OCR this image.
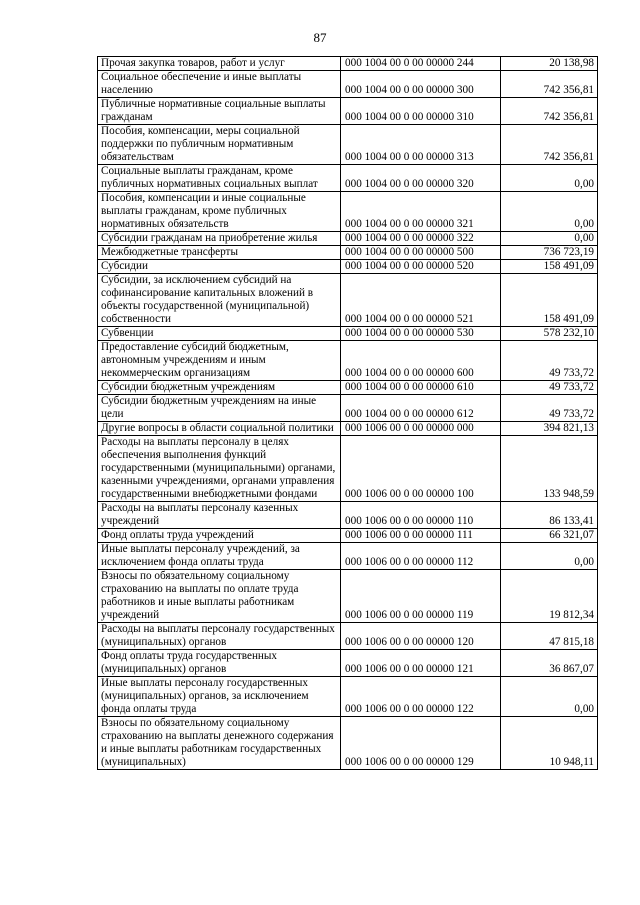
87
Прочая закупка товаров, работ и услуг	000 1004 00 0 00 00000 244	20 138,98
Социальное обеспечение и иные выплаты населению	000 1004 00 0 00 00000 300	742 356,81
Публичные нормативные социальные выплаты гражданам	000 1004 00 0 00 00000 310	742 356,81
Пособия, компенсации, меры социальной поддержки по публичным нормативным обязательствам	000 1004 00 0 00 00000 313	742 356,81
Социальные выплаты гражданам, кроме публичных нормативных социальных выплат	000 1004 00 0 00 00000 320	0,00
Пособия, компенсации и иные социальные выплаты гражданам, кроме публичных нормативных обязательств	000 1004 00 0 00 00000 321	0,00
Субсидии гражданам на приобретение жилья	000 1004 00 0 00 00000 322	0,00
Межбюджетные трансферты	000 1004 00 0 00 00000 500	736 723,19
Субсидии	000 1004 00 0 00 00000 520	158 491,09
Субсидии, за исключением субсидий на софинансирование капитальных вложений в объекты государственной (муниципальной) собственности	000 1004 00 0 00 00000 521	158 491,09
Субвенции	000 1004 00 0 00 00000 530	578 232,10
Предоставление субсидий бюджетным, автономным учреждениям и иным некоммерческим организациям	000 1004 00 0 00 00000 600	49 733,72
Субсидии бюджетным учреждениям	000 1004 00 0 00 00000 610	49 733,72
Субсидии бюджетным учреждениям на иные цели	000 1004 00 0 00 00000 612	49 733,72
Другие вопросы в области социальной политики	000 1006 00 0 00 00000 000	394 821,13
Расходы на выплаты персоналу в целях обеспечения выполнения функций государственными (муниципальными) органами, казенными учреждениями, органами управления государственными внебюджетными фондами	000 1006 00 0 00 00000 100	133 948,59
Расходы на выплаты персоналу казенных учреждений	000 1006 00 0 00 00000 110	86 133,41
Фонд оплаты труда учреждений	000 1006 00 0 00 00000 111	66 321,07
Иные выплаты персоналу учреждений, за исключением фонда оплаты труда	000 1006 00 0 00 00000 112	0,00
Взносы по обязательному социальному страхованию на выплаты по оплате труда работников и иные выплаты работникам учреждений	000 1006 00 0 00 00000 119	19 812,34
Расходы на выплаты персоналу государственных (муниципальных) органов	000 1006 00 0 00 00000 120	47 815,18
Фонд оплаты труда государственных (муниципальных) органов	000 1006 00 0 00 00000 121	36 867,07
Иные выплаты персоналу государственных (муниципальных) органов, за исключением фонда оплаты труда	000 1006 00 0 00 00000 122	0,00
Взносы по обязательному социальному страхованию на выплаты денежного содержания и иные выплаты работникам государственных (муниципальных)	000 1006 00 0 00 00000 129	10 948,11
